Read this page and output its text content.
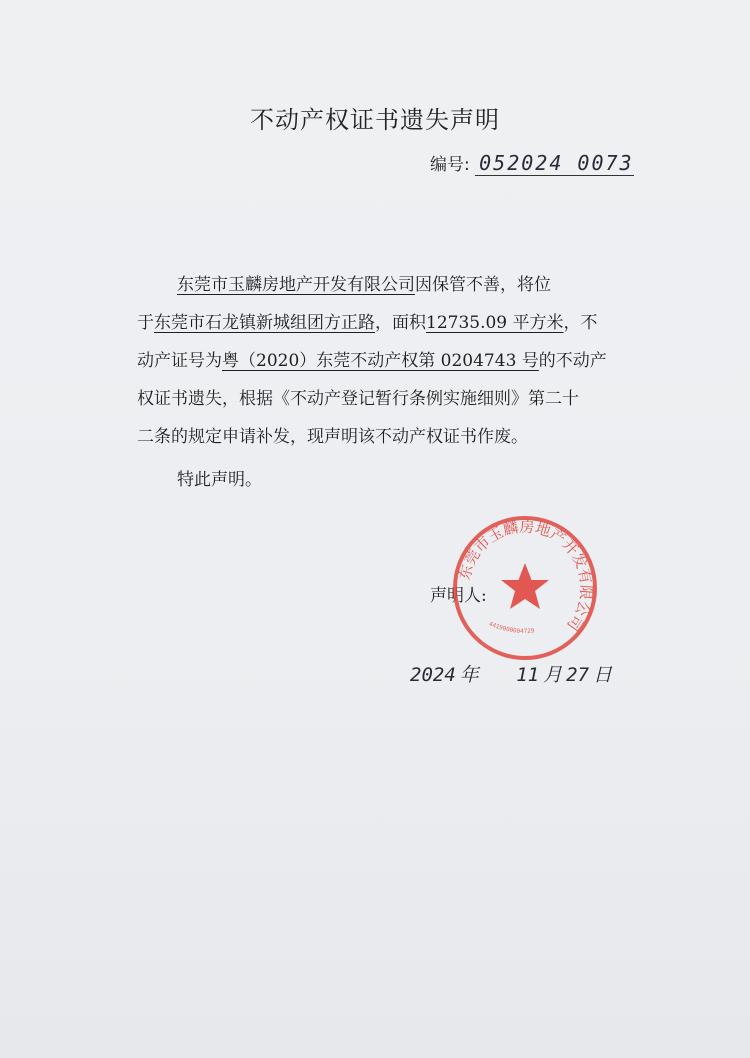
不动产权证书遗失声明
编号: 052024 0073
东莞市玉麟房地产开发有限公司因保管不善，将位
于东莞市石龙镇新城组团方正路，面积12735.09 平方米，不
动产证号为粤（2020）东莞不动产权第 0204743 号的不动产
权证书遗失，根据《不动产登记暂行条例实施细则》第二十
二条的规定申请补发，现声明该不动产权证书作废。
特此声明。
声明人:
东莞市玉麟房地产开发有限公司
4419000004729
2024 年 11 月 27 日
